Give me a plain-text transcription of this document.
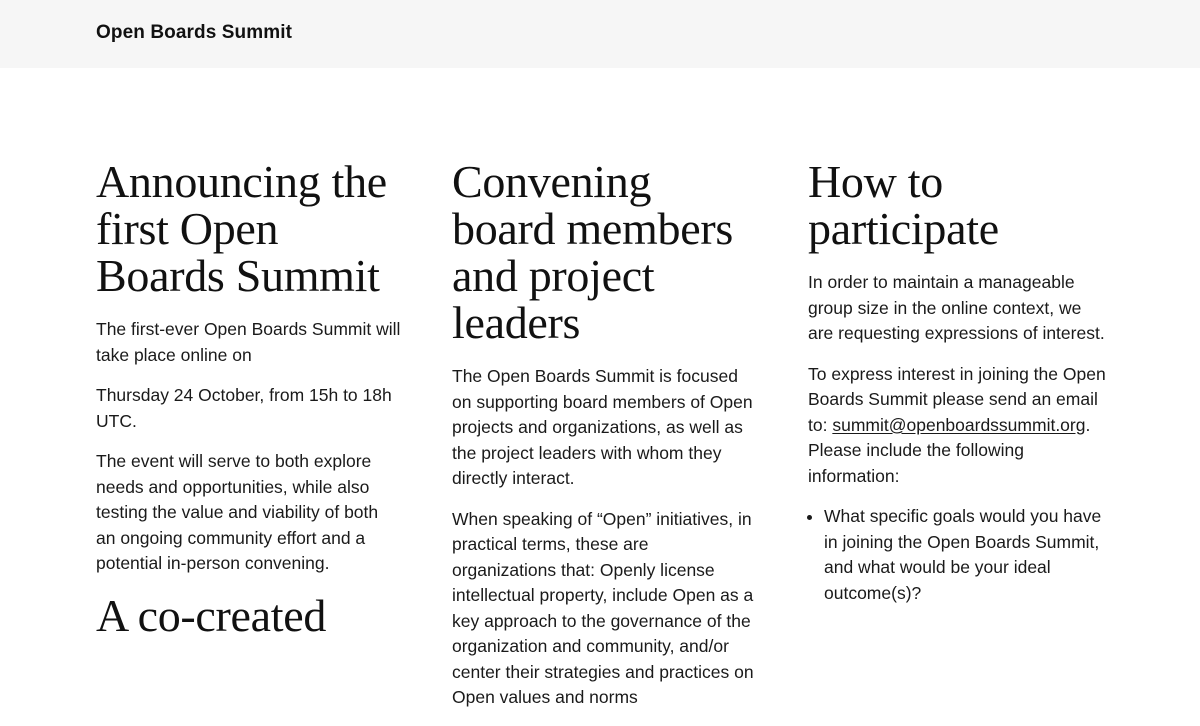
Open Boards Summit
Announcing the first Open Boards Summit

The first-ever Open Boards Summit will take place online on

Thursday 24 October, from 15h to 18h UTC.

The event will serve to both explore needs and opportunities, while also testing the value and viability of both an ongoing community effort and a potential in-person convening.

A co-created
Convening board members and project leaders

The Open Boards Summit is focused on supporting board members of Open projects and organizations, as well as the project leaders with whom they directly interact.

When speaking of “Open” initiatives, in practical terms, these are organizations that: Openly license intellectual property, include Open as a key approach to the governance of the organization and community, and/or center their strategies and practices on Open values and norms

How to participate

In order to maintain a manageable group size in the online context, we are requesting expressions of interest.

To express interest in joining the Open Boards Summit please send an email to: summit@openboardssummit.org. Please include the following information:

• What specific goals would you have in joining the Open Boards Summit, and what would be your ideal outcome(s)?
